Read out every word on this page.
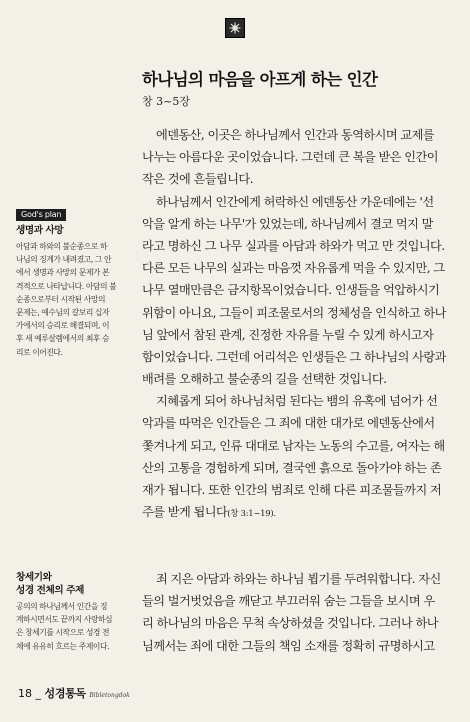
하나님의 마음을 아프게 하는 인간
창 3~5장
에덴동산, 이곳은 하나님께서 인간과 동역하시며 교제를
나누는 아름다운 곳이었습니다. 그런데 큰 복을 받은 인간이
작은 것에 흔들립니다.
하나님께서 인간에게 허락하신 에덴동산 가운데에는 '선
악을 알게 하는 나무'가 있었는데, 하나님께서 결코 먹지 말
라고 명하신 그 나무 실과를 아담과 하와가 먹고 만 것입니다.
다른 모든 나무의 실과는 마음껏 자유롭게 먹을 수 있지만, 그
나무 열매만큼은 금지항목이었습니다. 인생들을 억압하시기
위함이 아니요, 그들이 피조물로서의 정체성을 인식하고 하나
님 앞에서 참된 관계, 진정한 자유를 누릴 수 있게 하시고자
함이었습니다. 그런데 어리석은 인생들은 그 하나님의 사랑과
배려를 오해하고 불순종의 길을 선택한 것입니다.
지혜롭게 되어 하나님처럼 된다는 뱀의 유혹에 넘어가 선
악과를 따먹은 인간들은 그 죄에 대한 대가로 에덴동산에서
쫓겨나게 되고, 인류 대대로 남자는 노동의 수고를, 여자는 해
산의 고통을 경험하게 되며, 결국엔 흙으로 돌아가야 하는 존
재가 됩니다. 또한 인간의 범죄로 인해 다른 피조물들까지 저
주를 받게 됩니다(창 3:1~19).
죄 지은 아담과 하와는 하나님 뵙기를 두려워합니다. 자신
들의 벌거벗었음을 깨닫고 부끄러워 숨는 그들을 보시며 우
리 하나님의 마음은 무척 속상하셨을 것입니다. 그러나 하나
님께서는 죄에 대한 그들의 책임 소재를 정확히 규명하시고
God's plan
생명과 사망
아담과 하와의 불순종으로 하
나님의 징계가 내려졌고, 그 안
에서 생명과 사망의 문제가 본
격적으로 나타납니다. 아담의 불
순종으로부터 시작된 사망의
문제는, 예수님의 갈보리 십자
가에서의 승리로 해결되며, 이
후 새 예루살렘에서의 최후 승
리로 이어진다.
창세기와
성경 전체의 주제
공의의 하나님께서 인간을 징
계하시면서도 끝까지 사랑하심
은 창세기를 시작으로 성경 전
체에 유유히 흐르는 주제이다.
18 _ 성경통독 Bibletongdok
